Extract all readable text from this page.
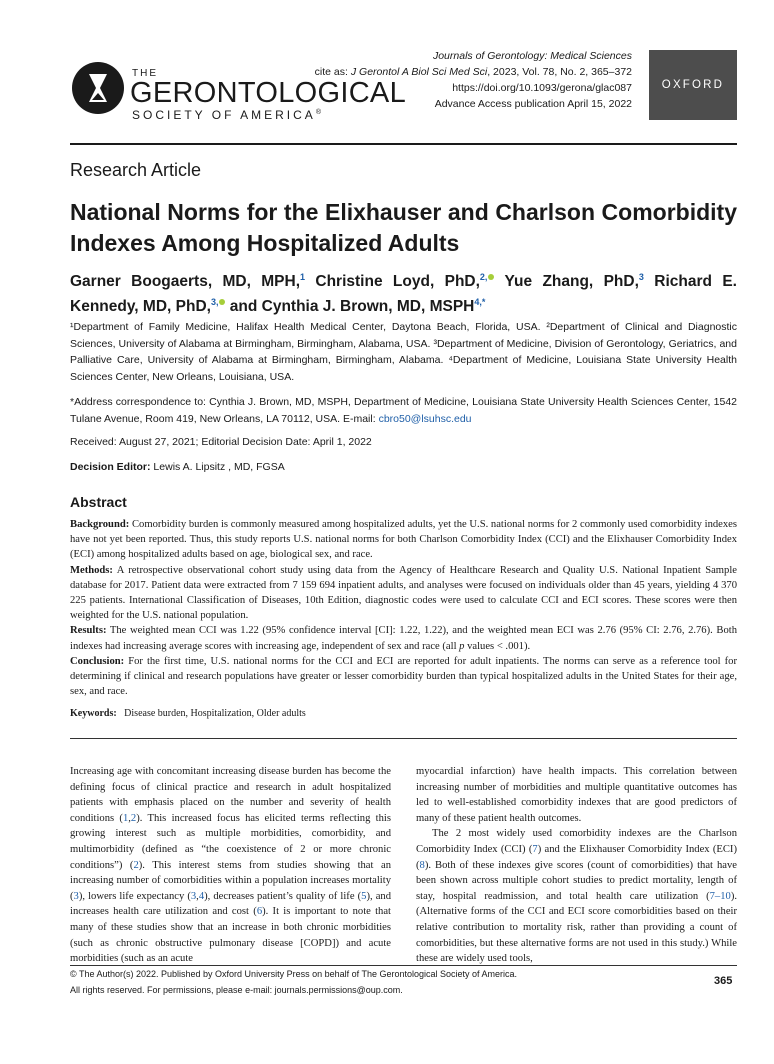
THE
GERONTOLOGICAL
SOCIETY OF AMERICA®
Journals of Gerontology: Medical Sciences
cite as: J Gerontol A Biol Sci Med Sci, 2023, Vol. 78, No. 2, 365–372
https://doi.org/10.1093/gerona/glac087
Advance Access publication April 15, 2022
OXFORD
Research Article
National Norms for the Elixhauser and Charlson Comorbidity Indexes Among Hospitalized Adults
Garner Boogaerts, MD, MPH,$^1$ Christine Loyd, PhD,$^{2,}$ Yue Zhang, PhD,$^3$ Richard E. Kennedy, MD, PhD,$^{3,}$ and Cynthia J. Brown, MD, $MSPH^{4,*}$
¹Department of Family Medicine, Halifax Health Medical Center, Daytona Beach, Florida, USA. ²Department of Clinical and Diagnostic Sciences, University of Alabama at Birmingham, Birmingham, Alabama, USA. ³Department of Medicine, Division of Gerontology, Geriatrics, and Palliative Care, University of Alabama at Birmingham, Birmingham, Alabama. ⁴Department of Medicine, Louisiana State University Health Sciences Center, New Orleans, Louisiana, USA.
*Address correspondence to: Cynthia J. Brown, MD, MSPH, Department of Medicine, Louisiana State University Health Sciences Center, 1542 Tulane Avenue, Room 419, New Orleans, LA 70112, USA. E-mail: cbro50@lsuhsc.edu
Received: August 27, 2021; Editorial Decision Date: April 1, 2022
Decision Editor: Lewis A. Lipsitz , MD, FGSA
Abstract

Background: Comorbidity burden is commonly measured among hospitalized adults, yet the U.S. national norms for 2 commonly used comorbidity indexes have not yet been reported. Thus, this study reports U.S. national norms for both Charlson Comorbidity Index (CCI) and the Elixhauser Comorbidity Index (ECI) among hospitalized adults based on age, biological sex, and race.

Methods: A retrospective observational cohort study using data from the Agency of Healthcare Research and Quality U.S. National Inpatient Sample database for 2017. Patient data were extracted from 7 159 694 inpatient adults, and analyses were focused on individuals older than 45 years, yielding 4 370 225 patients. International Classification of Diseases, 10th Edition, diagnostic codes were used to calculate CCI and ECI scores. These scores were then weighted for the U.S. national population.

Results: The weighted mean CCI was 1.22 (95% confidence interval [CI]: 1.22, 1.22), and the weighted mean ECI was 2.76 (95% CI: 2.76, 2.76). Both indexes had increasing average scores with increasing age, independent of sex and race (all p values < .001).

Conclusion: For the first time, U.S. national norms for the CCI and ECI are reported for adult inpatients. The norms can serve as a reference tool for determining if clinical and research populations have greater or lesser comorbidity burden than typical hospitalized adults in the United States for their age, sex, and race.

Keywords: Disease burden, Hospitalization, Older adults

Increasing age with concomitant increasing disease burden has become the defining focus of clinical practice and research in adult hospitalized patients with emphasis placed on the number and severity of health conditions (1,2). This increased focus has elicited terms reflecting this growing interest such as multiple morbidities, comorbidity, and multimorbidity (defined as “the coexistence of 2 or more chronic conditions”) (2). This interest stems from studies showing that an increasing number of comorbidities within a population increases mortality (3), lowers life expectancy (3,4), decreases patient’s quality of life (5), and increases health care utilization and cost (6). It is important to note that many of these studies show that an increase in both chronic morbidities (such as chronic obstructive pulmonary disease [COPD]) and acute morbidities (such as an acute

myocardial infarction) have health impacts. This correlation between increasing number of morbidities and multiple quantitative outcomes has led to well-established comorbidity indexes that are good predictors of many of these patient health outcomes.

The 2 most widely used comorbidity indexes are the Charlson Comorbidity Index (CCI) (7) and the Elixhauser Comorbidity Index (ECI) (8). Both of these indexes give scores (count of comorbidities) that have been shown across multiple cohort studies to predict mortality, length of stay, hospital readmission, and total health care utilization (7–10). (Alternative forms of the CCI and ECI score comorbidities based on their relative contribution to mortality risk, rather than providing a count of comorbidities, but these alternative forms are not used in this study.) While these are widely used tools,

© The Author(s) 2022. Published by Oxford University Press on behalf of The Gerontological Society of America.
All rights reserved. For permissions, please e-mail: journals.permissions@oup.com.
365
